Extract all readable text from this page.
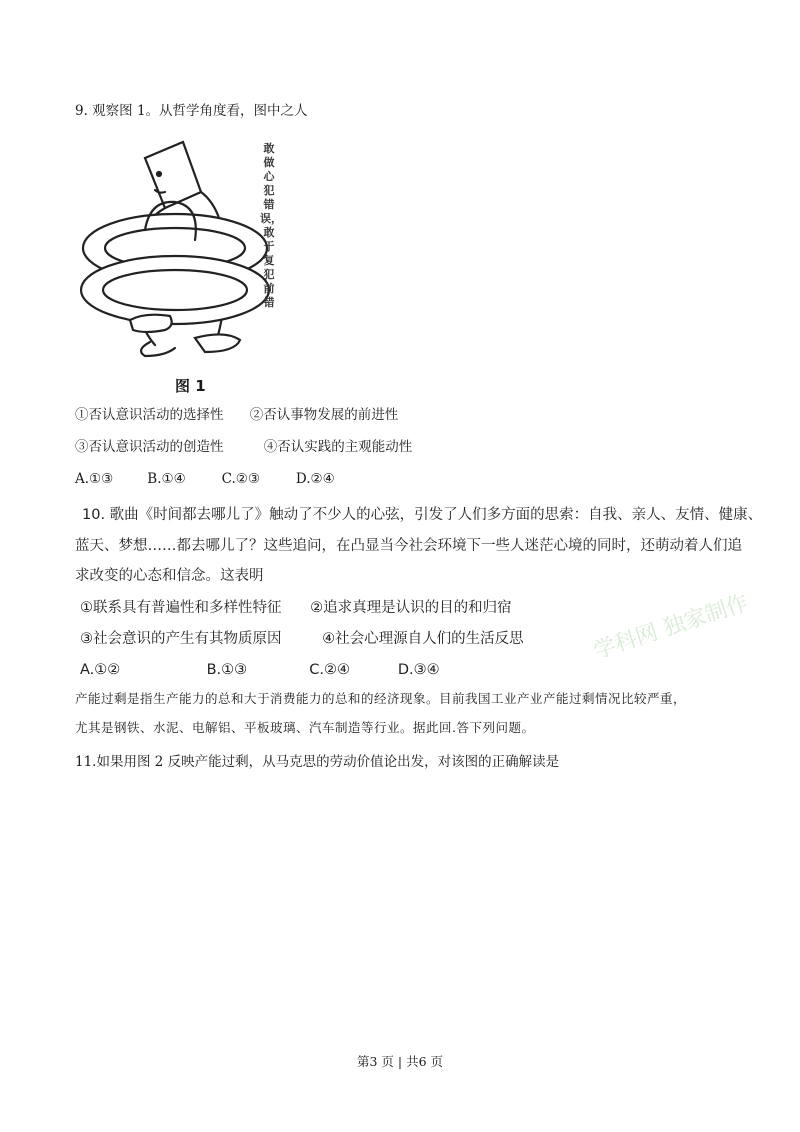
9. 观察图 1。从哲学角度看，图中之人
敢做心犯错误，敢于复犯前错
图 1
①否认意识活动的选择性 ②否认事物发展的前进性
③否认意识活动的创造性	④否认实践的主观能动性
A.①③	B.①④	C.②③	D.②④
10. 歌曲《时间都去哪儿了》触动了不少人的心弦，引发了人们多方面的思索：自我、亲人、友情、健康、
蓝天、梦想……都去哪儿了？这些追问，在凸显当今社会环境下一些人迷茫心境的同时，还萌动着人们追
求改变的心态和信念。这表明
①联系具有普遍性和多样性特征 ②追求真理是认识的目的和归宿
③社会意识的产生有其物质原因	④社会心理源自人们的生活反思
A.①②	B.①③	C.②④	D.③④
学科网 独家制作
产能过剩是指生产能力的总和大于消费能力的总和的经济现象。目前我国工业产业产能过剩情况比较严重，
尤其是钢铁、水泥、电解铝、平板玻璃、汽车制造等行业。据此回.答下列问题。
11.如果用图 2 反映产能过剩，从马克思的劳动价值论出发，对该图的正确解读是
第3 页 | 共6 页
